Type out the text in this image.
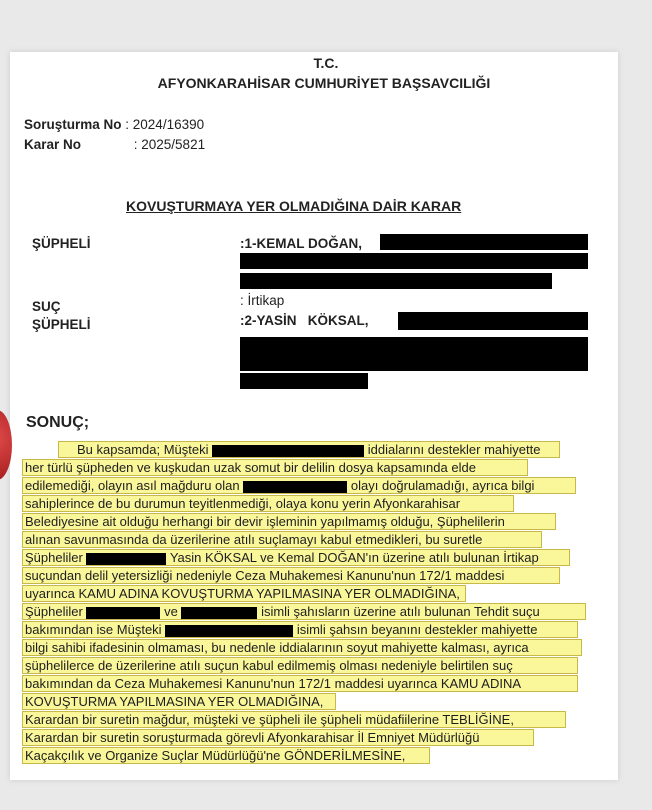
T.C.
AFYONKARAHİSAR CUMHURİYET BAŞSAVCILIĞI
Soruşturma No : 2024/16390
Karar No	: 2025/5821
KOVUŞTURMAYA YER OLMADIĞINA DAİR KARAR
ŞÜPHELİ	:1-KEMAL DOĞAN,
SUÇ	: İrtikap
ŞÜPHELİ	:2-YASİN   KÖKSAL,
SONUÇ;
Bu kapsamda; Müşteki	iddialarını destekler mahiyette
her türlü şüpheden ve kuşkudan uzak somut bir delilin dosya kapsamında elde
edilemediği, olayın asıl mağduru olan	olayı doğrulamadığı, ayrıca bilgi
sahiplerince de bu durumun teyitlenmediği, olaya konu yerin Afyonkarahisar
Belediyesine ait olduğu herhangi bir devir işleminin yapılmamış olduğu, Şüphelilerin
alınan savunmasında da üzerilerine atılı suçlamayı kabul etmedikleri, bu suretle
Şüpheliler	Yasin KÖKSAL ve Kemal DOĞAN'ın üzerine atılı bulunan İrtikap
suçundan delil yetersizliği nedeniyle Ceza Muhakemesi Kanunu'nun 172/1 maddesi
uyarınca KAMU ADINA KOVUŞTURMA YAPILMASINA YER OLMADIĞINA,
Şüpheliler	ve	isimli şahısların üzerine atılı bulunan Tehdit suçu
bakımından ise Müşteki	isimli şahsın beyanını destekler mahiyette
bilgi sahibi ifadesinin olmaması, bu nedenle iddialarının soyut mahiyette kalması, ayrıca
şüphelilerce de üzerilerine atılı suçun kabul edilmemiş olması nedeniyle belirtilen suç
bakımından da Ceza Muhakemesi Kanunu'nun 172/1 maddesi uyarınca KAMU ADINA
KOVUŞTURMA YAPILMASINA YER OLMADIĞINA,
Karardan bir suretin mağdur, müşteki ve şüpheli ile şüpheli müdafiilerine TEBLİĞİNE,
Karardan bir suretin soruşturmada görevli Afyonkarahisar İl Emniyet Müdürlüğü
Kaçakçılık ve Organize Suçlar Müdürlüğü'ne GÖNDERİLMESİNE,
